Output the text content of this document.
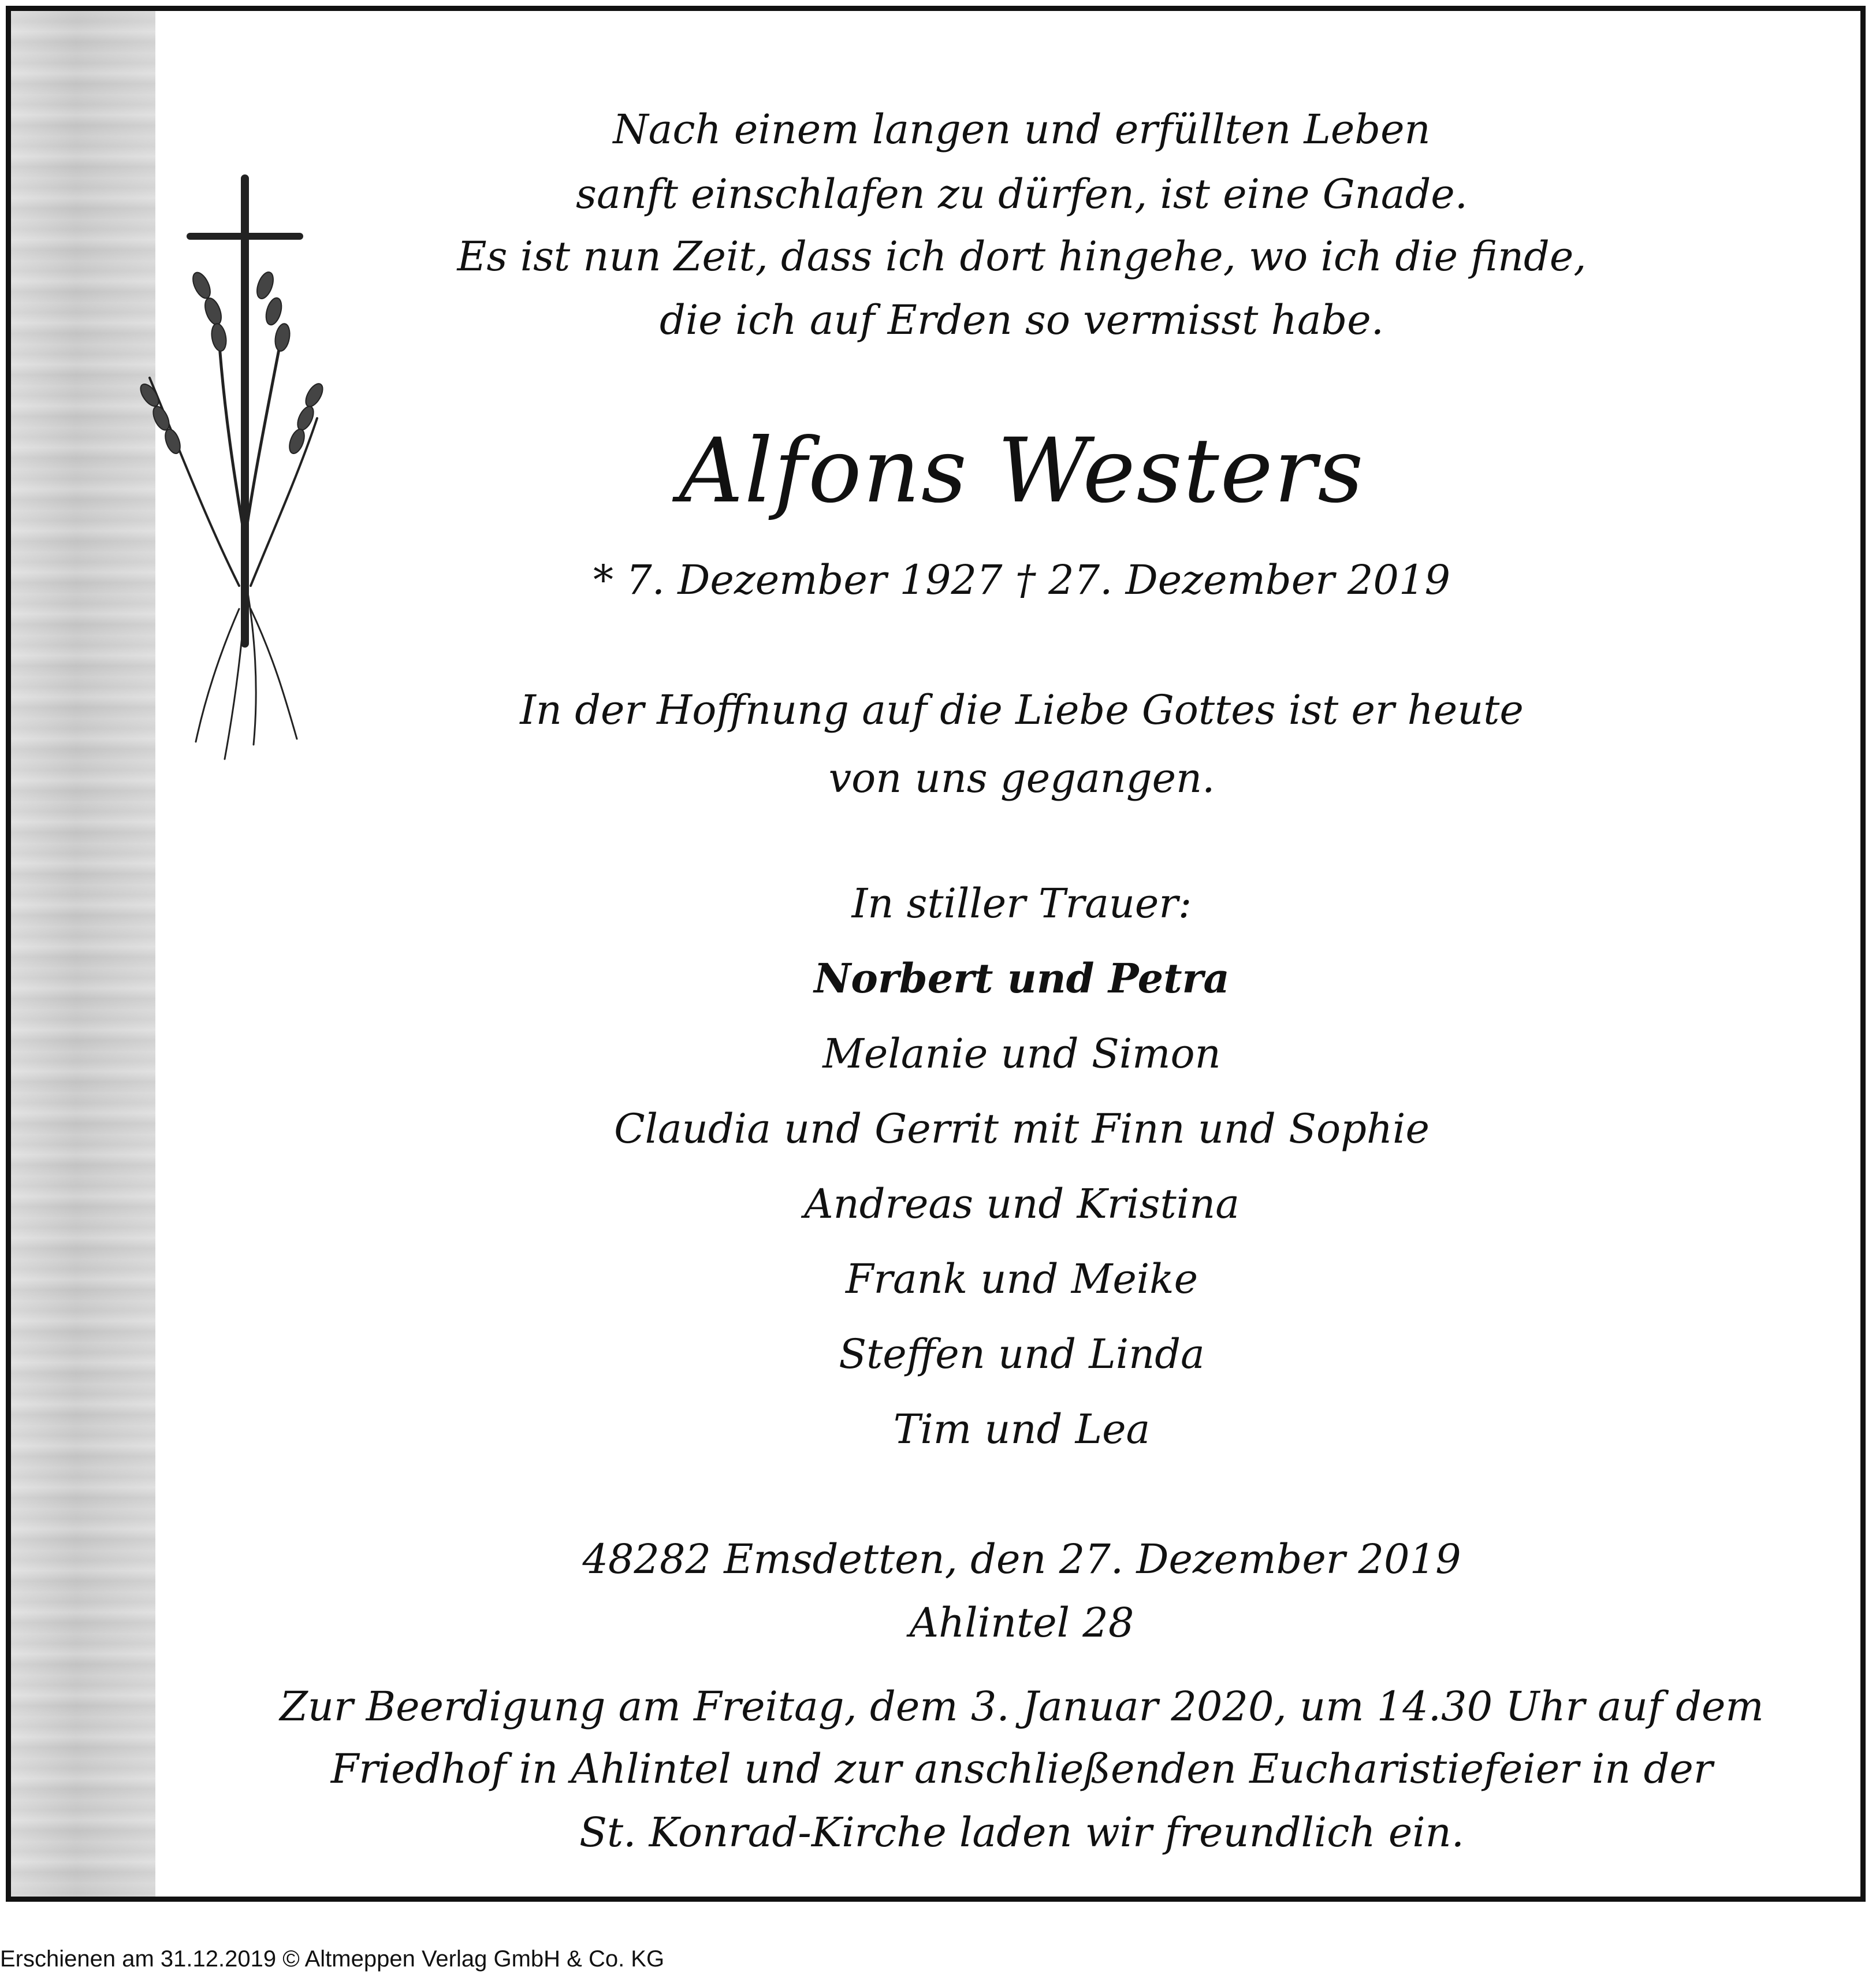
Nach einem langen und erfüllten Leben
sanft einschlafen zu dürfen, ist eine Gnade.
Es ist nun Zeit, dass ich dort hingehe, wo ich die finde,
die ich auf Erden so vermisst habe.
Alfons Westers
* 7. Dezember 1927 † 27. Dezember 2019
In der Hoffnung auf die Liebe Gottes ist er heute
von uns gegangen.
In stiller Trauer:
Norbert und Petra
Melanie und Simon
Claudia und Gerrit mit Finn und Sophie
Andreas und Kristina
Frank und Meike
Steffen und Linda
Tim und Lea
48282 Emsdetten, den 27. Dezember 2019
Ahlintel 28
Zur Beerdigung am Freitag, dem 3. Januar 2020, um 14.30 Uhr auf dem
Friedhof in Ahlintel und zur anschließenden Eucharistiefeier in der
St. Konrad-Kirche laden wir freundlich ein.
Erschienen am 31.12.2019 © Altmeppen Verlag GmbH & Co. KG
